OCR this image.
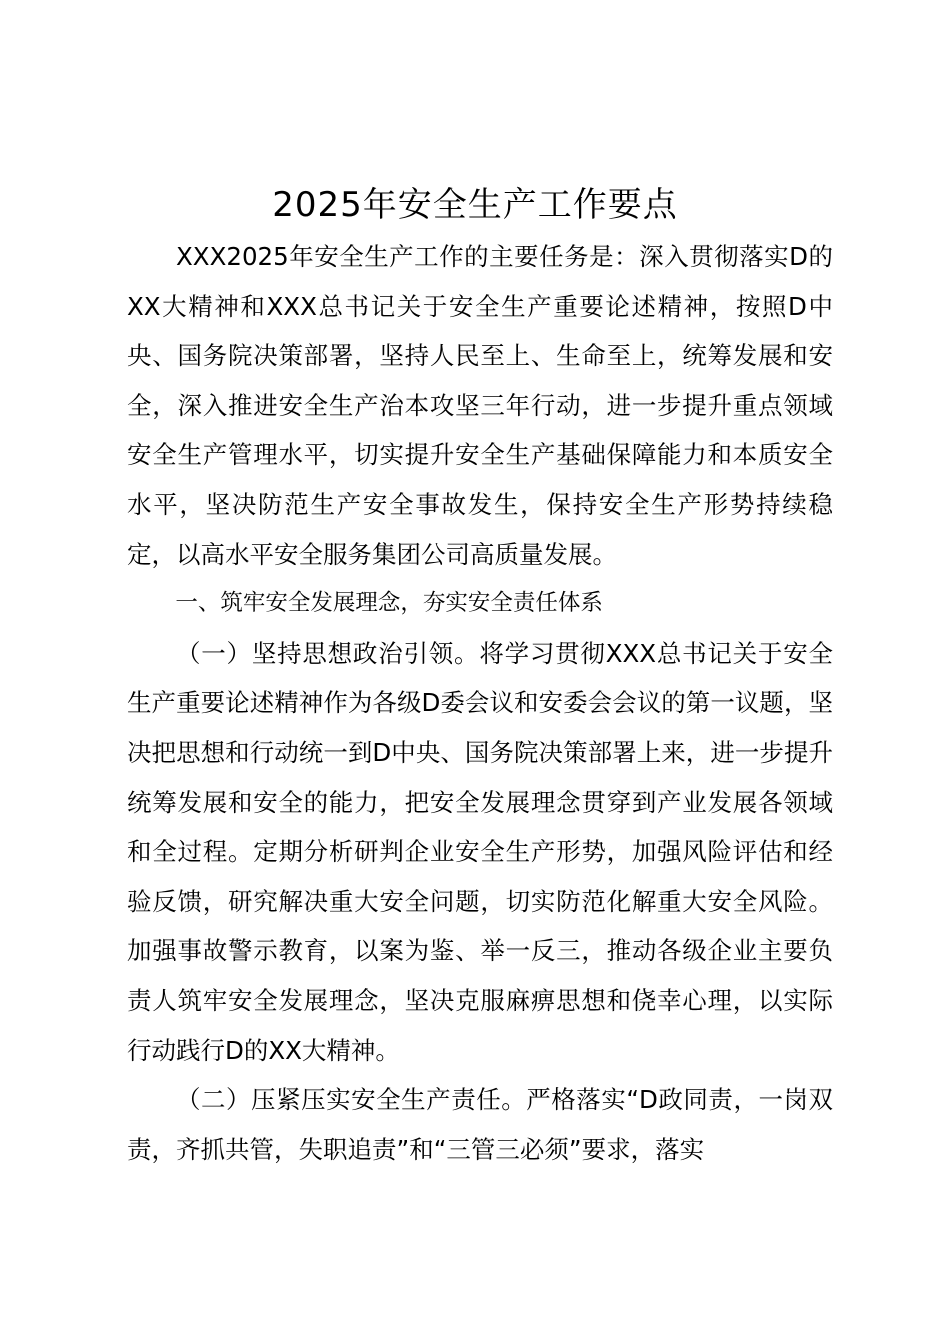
2025年安全生产工作要点

XXX2025年安全生产工作的主要任务是：深入贯彻落实D的XX大精神和XXX总书记关于安全生产重要论述精神，按照D中央、国务院决策部署，坚持人民至上、生命至上，统筹发展和安全，深入推进安全生产治本攻坚三年行动，进一步提升重点领域安全生产管理水平，切实提升安全生产基础保障能力和本质安全水平，坚决防范生产安全事故发生，保持安全生产形势持续稳定，以高水平安全服务集团公司高质量发展。

一、筑牢安全发展理念，夯实安全责任体系

（一）坚持思想政治引领。将学习贯彻XXX总书记关于安全生产重要论述精神作为各级D委会议和安委会会议的第一议题，坚决把思想和行动统一到D中央、国务院决策部署上来，进一步提升统筹发展和安全的能力，把安全发展理念贯穿到产业发展各领域和全过程。定期分析研判企业安全生产形势，加强风险评估和经验反馈，研究解决重大安全问题，切实防范化解重大安全风险。加强事故警示教育，以案为鉴、举一反三，推动各级企业主要负责人筑牢安全发展理念，坚决克服麻痹思想和侥幸心理，以实际行动践行D的XX大精神。

（二）压紧压实安全生产责任。严格落实“D政同责，一岗双责，齐抓共管，失职追责”和“三管三必须”要求，落实
